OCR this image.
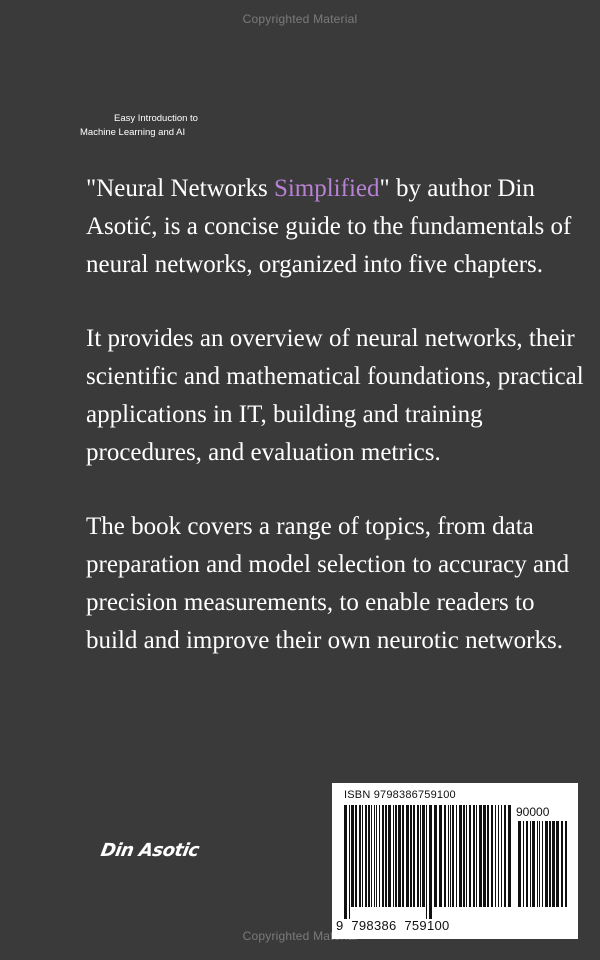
Copyrighted Material
Easy Introduction to
Machine Learning and AI

"Neural Networks Simplified" by author Din Asotić, is a concise guide to the fundamentals of neural networks, organized into five chapters.

It provides an overview of neural networks, their scientific and mathematical foundations, practical applications in IT, building and training procedures, and evaluation metrics.

The book covers a range of topics, from data preparation and model selection to accuracy and precision measurements, to enable readers to build and improve their own neurotic networks.

Din Asotic
ISBN 9798386759100
90000
9 798386 759100
Copyrighted Material
